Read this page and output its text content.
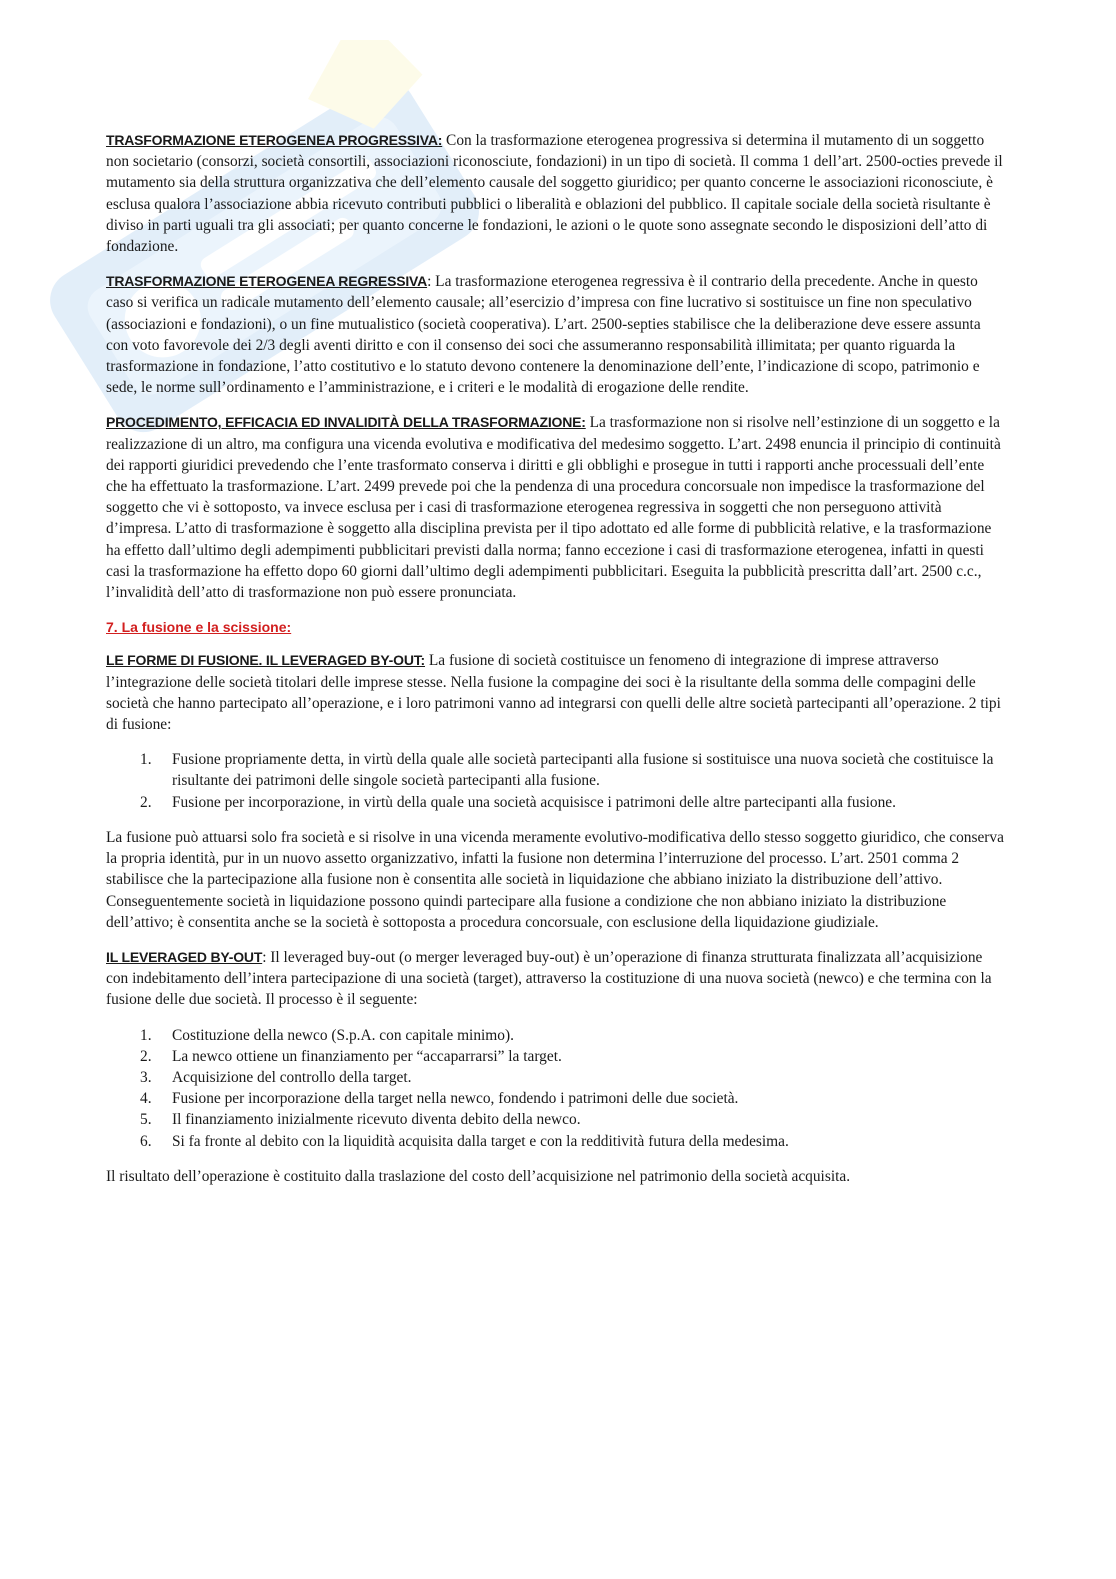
TRASFORMAZIONE ETEROGENEA PROGRESSIVA: Con la trasformazione eterogenea progressiva si determina il mutamento di un soggetto non societario (consorzi, società consortili, associazioni riconosciute, fondazioni) in un tipo di società. Il comma 1 dell’art. 2500-octies prevede il mutamento sia della struttura organizzativa che dell’elemento causale del soggetto giuridico; per quanto concerne le associazioni riconosciute, è esclusa qualora l’associazione abbia ricevuto contributi pubblici o liberalità e oblazioni del pubblico. Il capitale sociale della società risultante è diviso in parti uguali tra gli associati; per quanto concerne le fondazioni, le azioni o le quote sono assegnate secondo le disposizioni dell’atto di fondazione.

TRASFORMAZIONE ETEROGENEA REGRESSIVA: La trasformazione eterogenea regressiva è il contrario della precedente. Anche in questo caso si verifica un radicale mutamento dell’elemento causale; all’esercizio d’impresa con fine lucrativo si sostituisce un fine non speculativo (associazioni e fondazioni), o un fine mutualistico (società cooperativa). L’art. 2500-septies stabilisce che la deliberazione deve essere assunta con voto favorevole dei 2/3 degli aventi diritto e con il consenso dei soci che assumeranno responsabilità illimitata; per quanto riguarda la trasformazione in fondazione, l’atto costitutivo e lo statuto devono contenere la denominazione dell’ente, l’indicazione di scopo, patrimonio e sede, le norme sull’ordinamento e l’amministrazione, e i criteri e le modalità di erogazione delle rendite.

PROCEDIMENTO, EFFICACIA ED INVALIDITÀ DELLA TRASFORMAZIONE: La trasformazione non si risolve nell’estinzione di un soggetto e la realizzazione di un altro, ma configura una vicenda evolutiva e modificativa del medesimo soggetto. L’art. 2498 enuncia il principio di continuità dei rapporti giuridici prevedendo che l’ente trasformato conserva i diritti e gli obblighi e prosegue in tutti i rapporti anche processuali dell’ente che ha effettuato la trasformazione. L’art. 2499 prevede poi che la pendenza di una procedura concorsuale non impedisce la trasformazione del soggetto che vi è sottoposto, va invece esclusa per i casi di trasformazione eterogenea regressiva in soggetti che non perseguono attività d’impresa. L’atto di trasformazione è soggetto alla disciplina prevista per il tipo adottato ed alle forme di pubblicità relative, e la trasformazione ha effetto dall’ultimo degli adempimenti pubblicitari previsti dalla norma; fanno eccezione i casi di trasformazione eterogenea, infatti in questi casi la trasformazione ha effetto dopo 60 giorni dall’ultimo degli adempimenti pubblicitari. Eseguita la pubblicità prescritta dall’art. 2500 c.c., l’invalidità dell’atto di trasformazione non può essere pronunciata.

7. La fusione e la scissione:

LE FORME DI FUSIONE. IL LEVERAGED BY-OUT: La fusione di società costituisce un fenomeno di integrazione di imprese attraverso l’integrazione delle società titolari delle imprese stesse. Nella fusione la compagine dei soci è la risultante della somma delle compagini delle società che hanno partecipato all’operazione, e i loro patrimoni vanno ad integrarsi con quelli delle altre società partecipanti all’operazione. 2 tipi di fusione:

1. Fusione propriamente detta, in virtù della quale alle società partecipanti alla fusione si sostituisce una nuova società che costituisce la risultante dei patrimoni delle singole società partecipanti alla fusione.
2. Fusione per incorporazione, in virtù della quale una società acquisisce i patrimoni delle altre partecipanti alla fusione.

La fusione può attuarsi solo fra società e si risolve in una vicenda meramente evolutivo-modificativa dello stesso soggetto giuridico, che conserva la propria identità, pur in un nuovo assetto organizzativo, infatti la fusione non determina l’interruzione del processo. L’art. 2501 comma 2 stabilisce che la partecipazione alla fusione non è consentita alle società in liquidazione che abbiano iniziato la distribuzione dell’attivo. Conseguentemente società in liquidazione possono quindi partecipare alla fusione a condizione che non abbiano iniziato la distribuzione dell’attivo; è consentita anche se la società è sottoposta a procedura concorsuale, con esclusione della liquidazione giudiziale.

IL LEVERAGED BY-OUT: Il leveraged buy-out (o merger leveraged buy-out) è un’operazione di finanza strutturata finalizzata all’acquisizione con indebitamento dell’intera partecipazione di una società (target), attraverso la costituzione di una nuova società (newco) e che termina con la fusione delle due società. Il processo è il seguente:

1. Costituzione della newco (S.p.A. con capitale minimo).
2. La newco ottiene un finanziamento per “accaparrarsi” la target.
3. Acquisizione del controllo della target.
4. Fusione per incorporazione della target nella newco, fondendo i patrimoni delle due società.
5. Il finanziamento inizialmente ricevuto diventa debito della newco.
6. Si fa fronte al debito con la liquidità acquisita dalla target e con la redditività futura della medesima.

Il risultato dell’operazione è costituito dalla traslazione del costo dell’acquisizione nel patrimonio della società acquisita.
